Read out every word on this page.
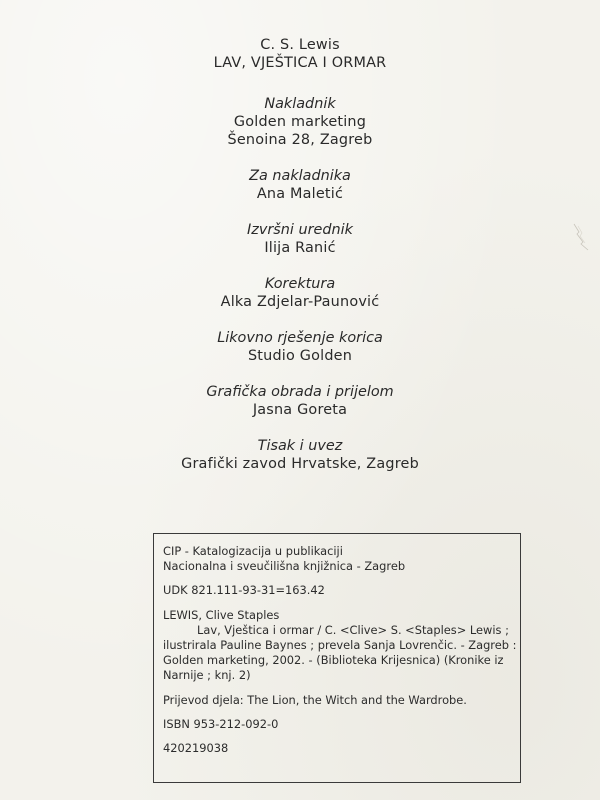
C. S. Lewis
LAV, VJEŠTICA I ORMAR
Nakladnik
Golden marketing
Šenoina 28, Zagreb
Za nakladnika
Ana Maletić
Izvršni urednik
Ilija Ranić
Korektura
Alka Zdjelar-Paunović
Likovno rješenje korica
Studio Golden
Grafička obrada i prijelom
Jasna Goreta
Tisak i uvez
Grafički zavod Hrvatske, Zagreb

CIP - Katalogizacija u publikaciji

Nacionalna i sveučilišna knjižnica - Zagreb

UDK 821.111-93-31=163.42

LEWIS, Clive Staples

Lav, Vještica i ormar / C. <Clive> S. <Staples> Lewis ;

ilustrirala Pauline Baynes ; prevela Sanja Lovrenčic. - Zagreb :

Golden marketing, 2002. - (Biblioteka Krijesnica) (Kronike iz

Narnije ; knj. 2)

Prijevod djela: The Lion, the Witch and the Wardrobe.

ISBN 953-212-092-0

420219038
